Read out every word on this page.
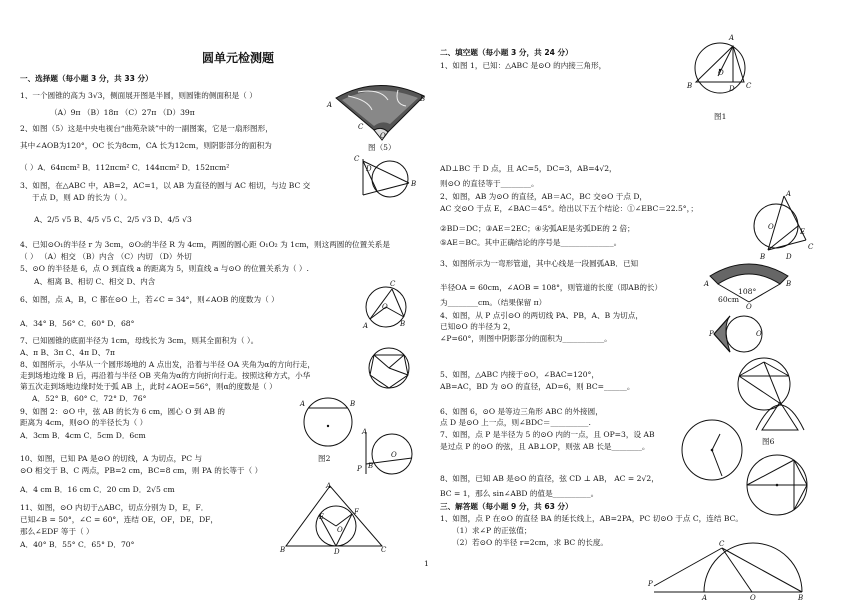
圆单元检测题
一、选择题（每小题 3 分，共 33 分）
1、一个圆锥的高为 3√3，侧面展开图是半圆，则圆锥的侧面积是（ ）
（A）9π （B）18π （C）27π （D）39π
2、如图（5）这是中央电视台“曲苑杂谈”中的一副图案，它是一扇形图形，
其中∠AOB为120°，OC 长为8cm，CA 长为12cm，则阴影部分的面积为
（ ）A．64πcm² B．112πcm² C．144πcm² D．152πcm²
3、如图，在△ABC 中，AB=2，AC=1，以 AB 为直径的圆与 AC 相切，与边 BC 交
于点 D，则 AD 的长为（ ）。
A、2/5 √5 B、4/5 √5 C、2/5 √3 D、4/5 √3
4、已知⊙O₁的半径 r 为 3cm，⊙O₂的半径 R 为 4cm，两圆的圆心距 O₁O₂ 为 1cm，则这两圆的位置关系是
（ ） （A）相交 （B）内含 （C）内切 （D）外切
5、⊙O 的半径是 6，点 O 到直线 a 的距离为 5，则直线 a 与⊙O 的位置关系为（ ）.
A、相离 B、相切 C、相交 D、内含
6、如图，点 A，B，C 都在⊙O 上，若∠C = 34°，则∠AOB 的度数为（ ）
A．34° B．56° C．60° D．68°
7、已知圆锥的底面半径为 1cm，母线长为 3cm，则其全面积为（ ）。
A、π B、3π C、4π D、7π
8、如图所示，小华从一个圆形场地的 A 点出发，沿着与半径 OA 夹角为α的方向行走，
走到场地边缘 B 后，再沿着与半径 OB 夹角为α的方向折向行走。按照这种方式，小华
第五次走到场地边缘时处于弧 AB 上，此时∠AOE=56°，则α的度数是（ ）
A．52° B．60° C．72° D．76°
9、如图 2：⊙O 中，弦 AB 的长为 6 cm，圆心 O 到 AB 的
距离为 4cm，则⊙O 的半径长为（ ）
A．3cm B．4cm C．5cm D．6cm
10、如图，已知 PA 是⊙O 的切线，A 为切点，PC 与
⊙O 相交于 B、C 两点，PB=2 cm，BC=8 cm，则 PA 的长等于（ ）
A．4 cm B．16 cm C．20 cm D．2√5 cm
11、如图，⊙O 内切于△ABC，切点分别为 D，E，F．
已知∠B = 50°，∠C = 60°，连结 OE，OF，DE，DF，
那么∠EDF 等于（ ）
A．40° B．55° C．65° D．70°
A
B
C
O
图（5）
C
D
B
C
O
A	B
A	B
图2
A
O
P B
A
E
F
O
B	D	C
1
二、填空题（每小题 3 分，共 24 分）
1、如图 1，已知：△ABC 是⊙O 的内接三角形，
A
O
B	D C
图1
AD⊥BC 于 D 点，且 AC=5，DC=3，AB=4√2，
则⊙O 的直径等于________。
2、如图，AB 为⊙O 的直径，AB＝AC，BC 交⊙O 于点 D，
AC 交⊙O 于点 E，∠BAC＝45°。给出以下五个结论：①∠EBC＝22.5°，；
②BD＝DC；③AE＝2EC；④劣弧AE是劣弧DE的 2 倍；
⑤AE＝BC。其中正确结论的序号是______________。
A
O
E
B	D
C
3、如图所示为一弯形管道，其中心线是一段圆弧AB．已知
半径OA = 60cm，∠AOB = 108°，则管道的长度（即AB的长）
为________cm。（结果保留 π）
A	B
108°
60cm
O
4、如图，从 P 点引⊙O 的两切线 PA、PB，A、B 为切点，
已知⊙O 的半径为 2，
∠P=60°，则图中阴影部分的面积为___________。	P	O
5、如图，△ABC 内接于⊙O，∠BAC=120°，
AB=AC，BD 为 ⊙O 的直径，AD=6，则 BC=______。
6、如图 6，⊙O 是等边三角形 ABC 的外接圆，
点 D 是⊙O 上一点，则∠BDC＝__________.
图6
7、如图，点 P 是半径为 5 的⊙O 内的一点，且 OP=3，设 AB
是过点 P 的⊙O 的弦，且 AB⊥OP，则弦 AB 长是________。
8、如图，已知 AB 是⊙O 的直径，弦 CD ⊥ AB， AC = 2√2，
BC = 1，那么 sin∠ABD 的值是__________。
三、解答题（每小题 9 分，共 63 分）
1、如图，点 P 在⊙O 的直径 BA 的延长线上，AB=2PA，PC 切⊙O 于点 C，连结 BC。
（1）求∠P 的正弦值；
（2）若⊙O 的半径 r=2cm，求 BC 的长度。	C
P
A	O	B
